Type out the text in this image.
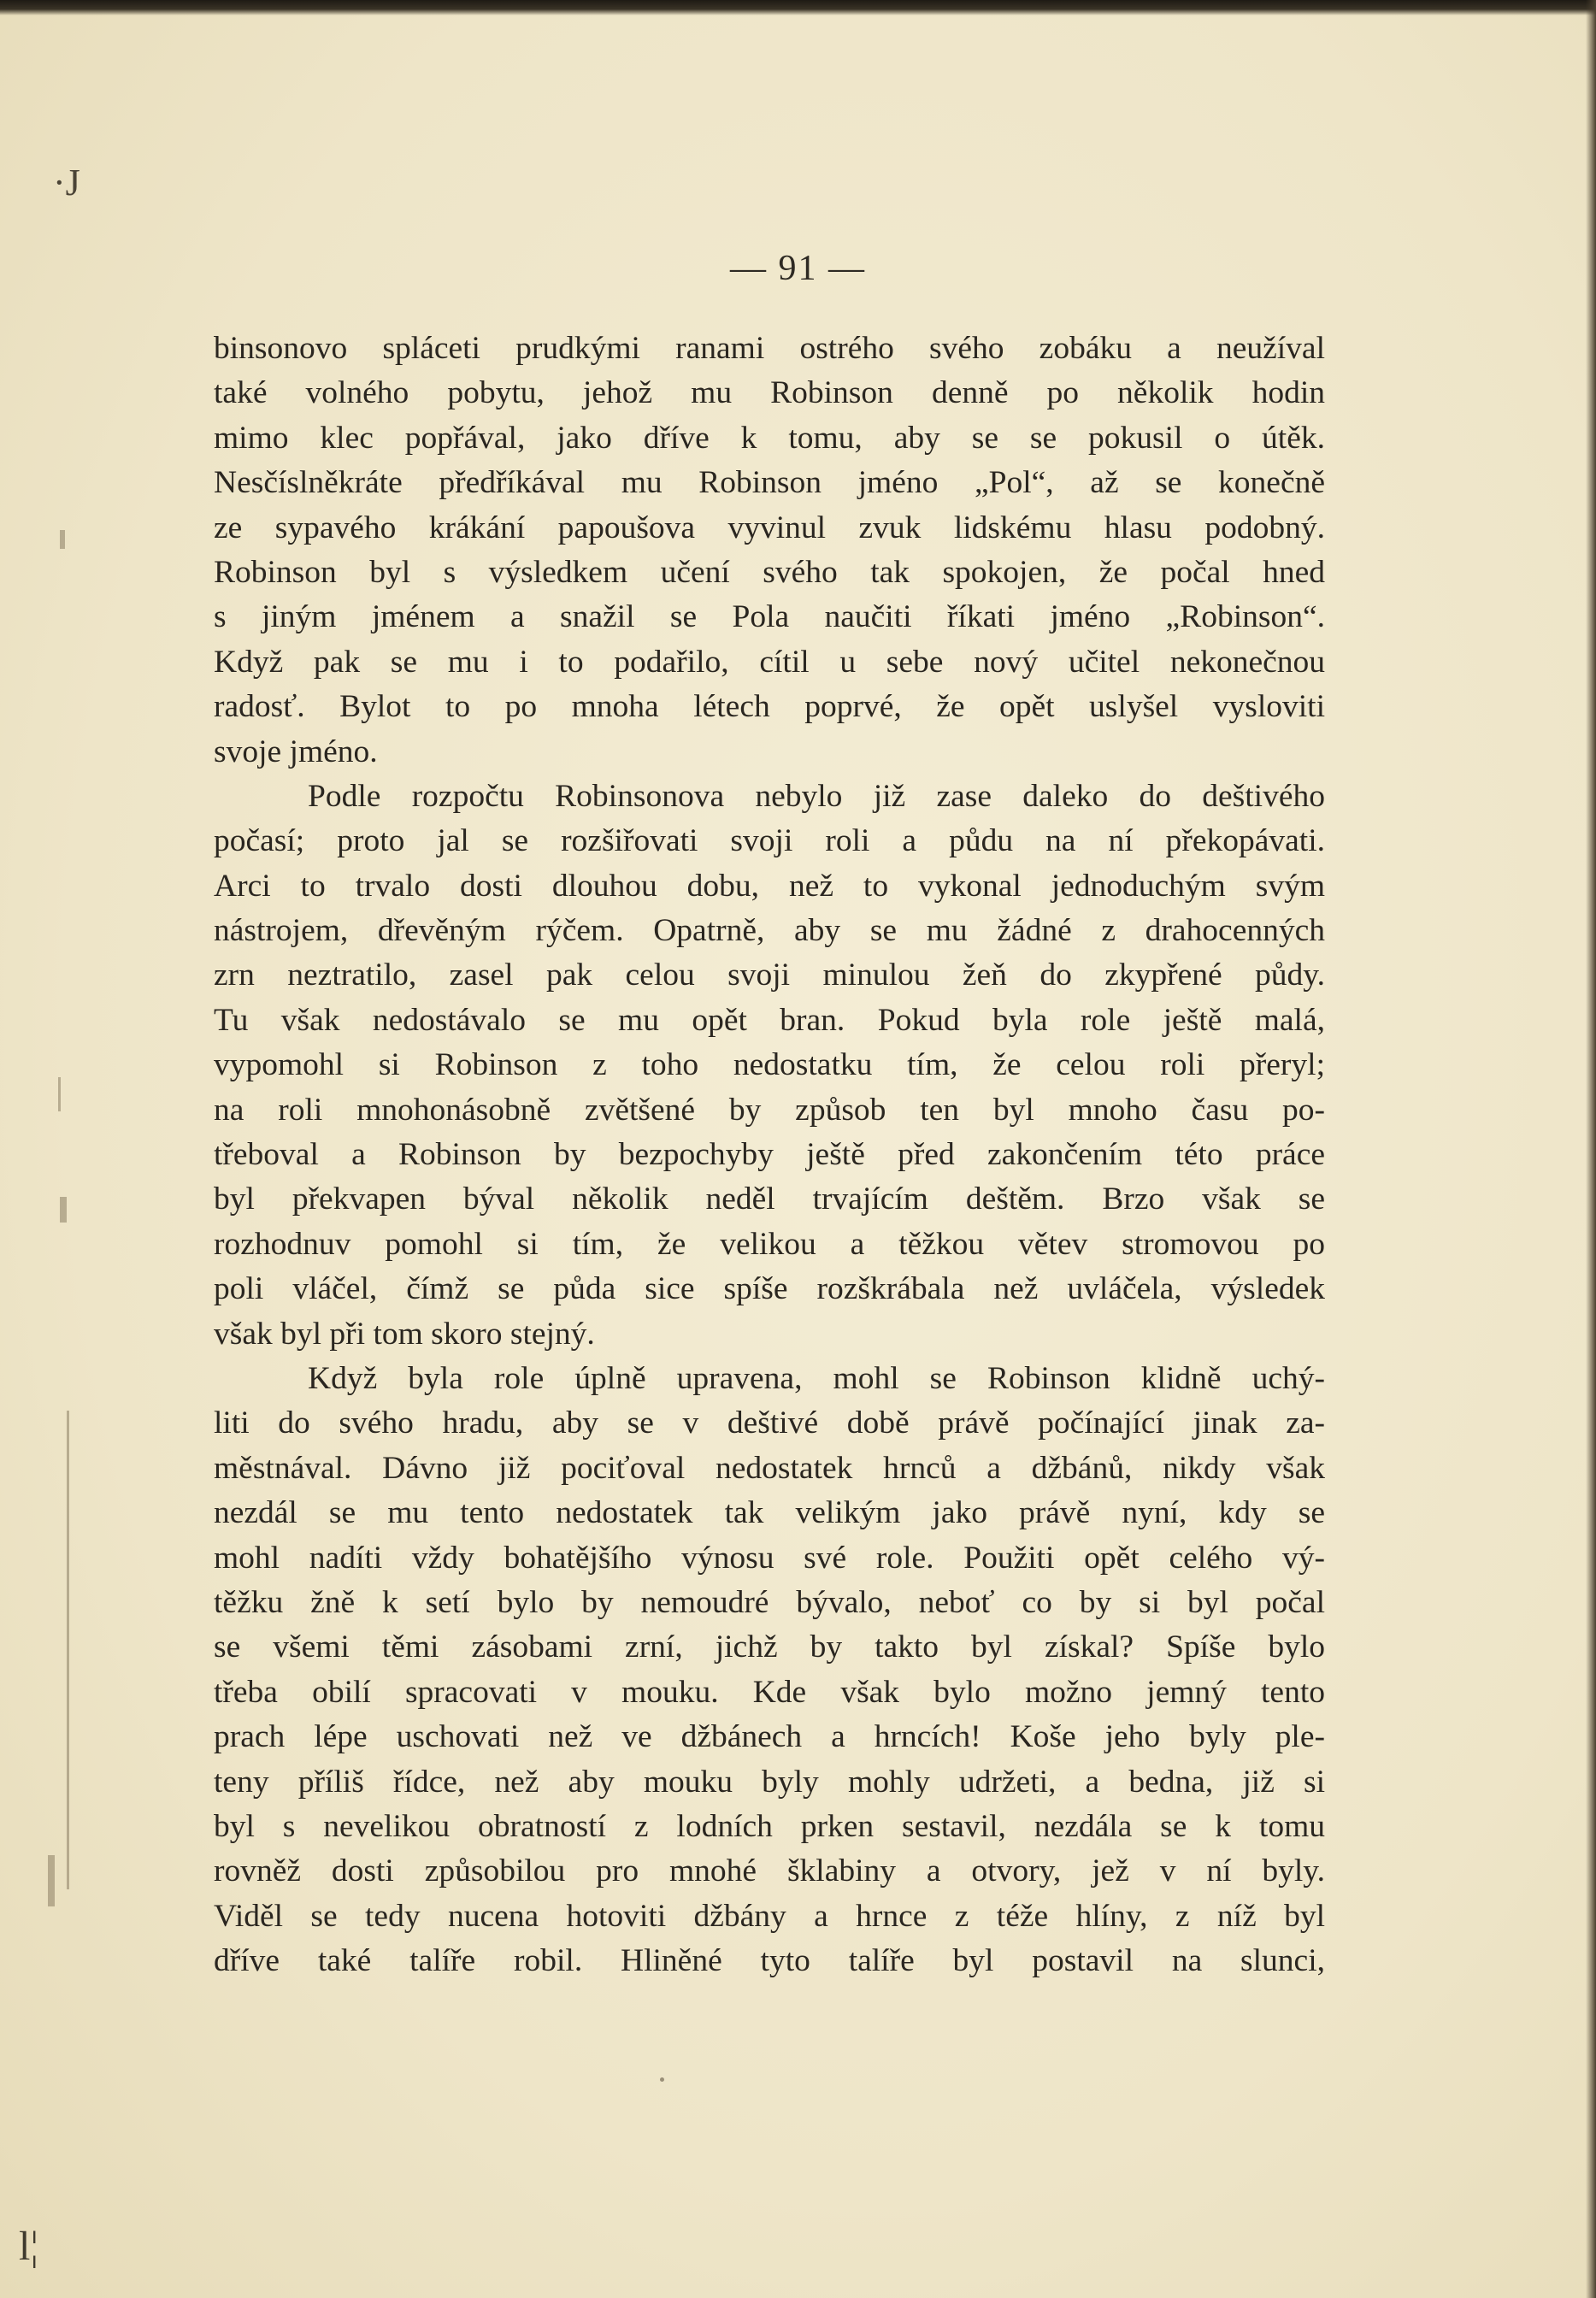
·J
l¦
— 91 —
binsonovo spláceti prudkými ranami ostrého svého zobáku a neužíval
také volného pobytu, jehož mu Robinson denně po několik hodin
mimo klec popřával, jako dříve k tomu, aby se se pokusil o útěk.
Nesčíslněkráte předříkával mu Robinson jméno „Pol“, až se konečně
ze sypavého krákání papoušova vyvinul zvuk lidskému hlasu podobný.
Robinson byl s výsledkem učení svého tak spokojen, že počal hned
s jiným jménem a snažil se Pola naučiti říkati jméno „Robinson“.
Když pak se mu i to podařilo, cítil u sebe nový učitel nekonečnou
radosť. Bylot to po mnoha létech poprvé, že opět uslyšel vysloviti
svoje jméno.
Podle rozpočtu Robinsonova nebylo již zase daleko do deštivého
počasí; proto jal se rozšiřovati svoji roli a půdu na ní překopávati.
Arci to trvalo dosti dlouhou dobu, než to vykonal jednoduchým svým
nástrojem, dřevěným rýčem. Opatrně, aby se mu žádné z drahocenných
zrn neztratilo, zasel pak celou svoji minulou žeň do zkypřené půdy.
Tu však nedostávalo se mu opět bran. Pokud byla role ještě malá,
vypomohl si Robinson z toho nedostatku tím, že celou roli přeryl;
na roli mnohonásobně zvětšené by způsob ten byl mnoho času po-
třeboval a Robinson by bezpochyby ještě před zakončením této práce
byl překvapen býval několik neděl trvajícím deštěm. Brzo však se
rozhodnuv pomohl si tím, že velikou a těžkou větev stromovou po
poli vláčel, čímž se půda sice spíše rozškrábala než uvláčela, výsledek
však byl při tom skoro stejný.
Když byla role úplně upravena, mohl se Robinson klidně uchý-
liti do svého hradu, aby se v deštivé době právě počínající jinak za-
městnával. Dávno již pociťoval nedostatek hrnců a džbánů, nikdy však
nezdál se mu tento nedostatek tak velikým jako právě nyní, kdy se
mohl nadíti vždy bohatějšího výnosu své role. Použiti opět celého vý-
těžku žně k setí bylo by nemoudré bývalo, neboť co by si byl počal
se všemi těmi zásobami zrní, jichž by takto byl získal? Spíše bylo
třeba obilí spracovati v mouku. Kde však bylo možno jemný tento
prach lépe uschovati než ve džbánech a hrncích! Koše jeho byly ple-
teny příliš řídce, než aby mouku byly mohly udržeti, a bedna, již si
byl s nevelikou obratností z lodních prken sestavil, nezdála se k tomu
rovněž dosti způsobilou pro mnohé šklabiny a otvory, jež v ní byly.
Viděl se tedy nucena hotoviti džbány a hrnce z téže hlíny, z níž byl
dříve také talíře robil. Hliněné tyto talíře byl postavil na slunci,
